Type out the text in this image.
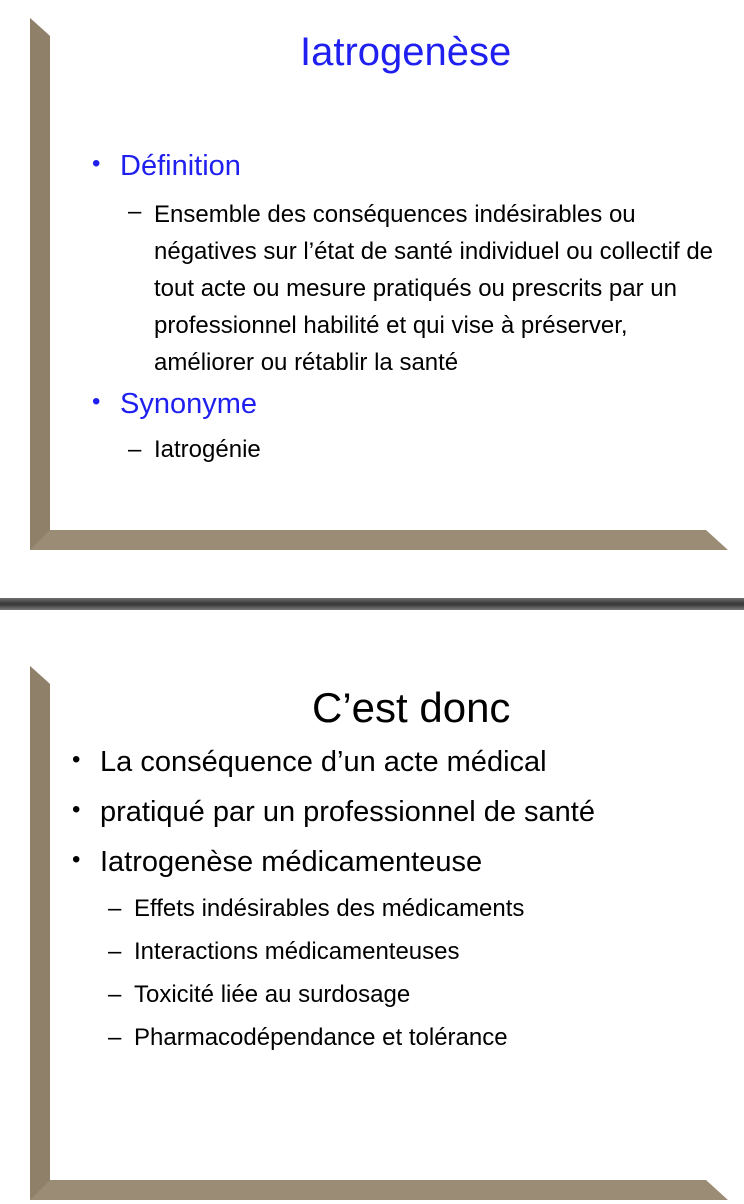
Iatrogenèse
• Définition
– Ensemble des conséquences indésirables ou négatives sur l’état de santé individuel ou collectif de tout acte ou mesure pratiqués ou prescrits par un professionnel habilité et qui vise à préserver, améliorer ou rétablir la santé
• Synonyme
– Iatrogénie
C’est donc
• La conséquence d’un acte médical
• pratiqué par un professionnel de santé
• Iatrogenèse médicamenteuse
– Effets indésirables des médicaments
– Interactions médicamenteuses
– Toxicité liée au surdosage
– Pharmacodépendance et tolérance
